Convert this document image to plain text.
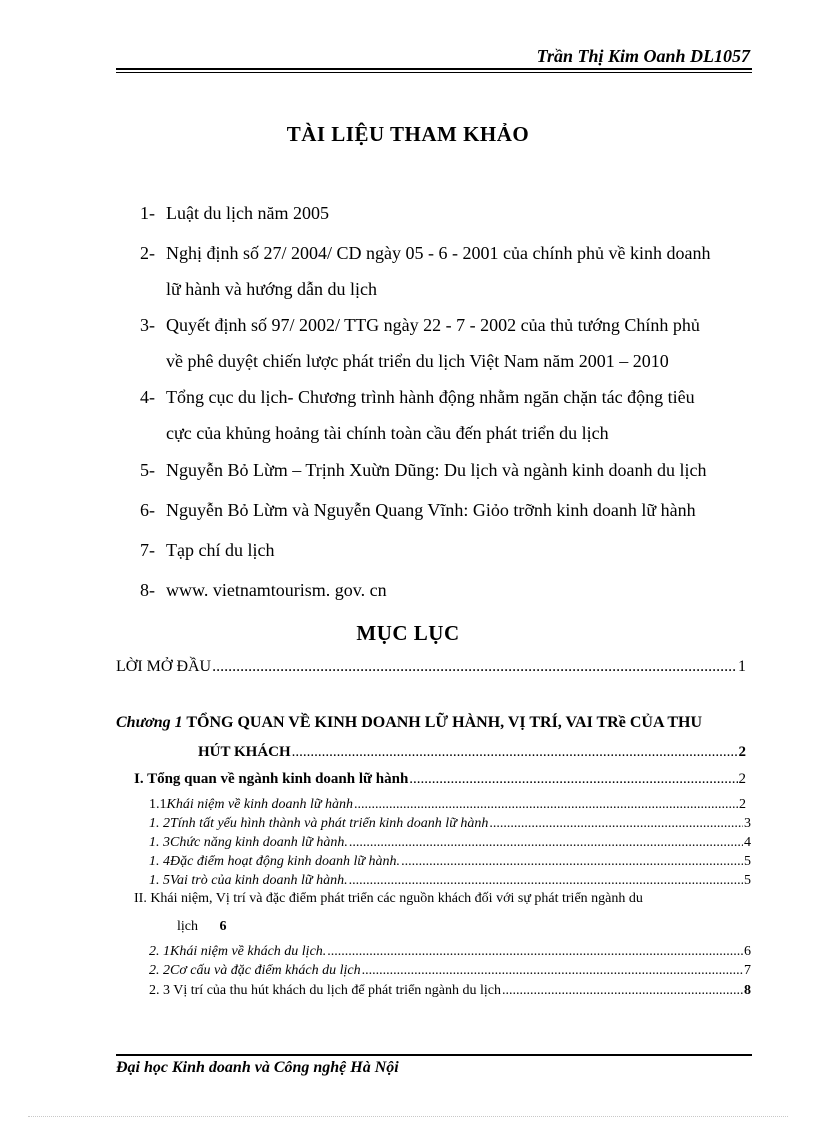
Trần Thị Kim Oanh DL1057
TÀI LIỆU THAM KHẢO
1- Luật du lịch năm 2005
2- Nghị định số 27/ 2004/ CD ngày 05 - 6 - 2001 của chính phủ về kinh doanh
lữ hành và hướng dẫn du lịch
3- Quyết định số 97/ 2002/ TTG ngày 22 - 7 - 2002 của thủ tướng Chính phủ
về phê duyệt chiến lược phát triển du lịch Việt Nam năm 2001 – 2010
4- Tổng cục du lịch- Chương trình hành động nhằm ngăn chặn tác động tiêu
cực của khủng hoảng tài chính toàn cầu đến phát triển du lịch
5- Nguyễn Bỏ Lừm – Trịnh Xuừn Dũng: Du lịch và ngành kinh doanh du lịch
6- Nguyễn Bỏ Lừm và Nguyễn Quang Vĩnh: Giỏo trỡnh kinh doanh lữ hành
7- Tạp chí du lịch
8- www. vietnamtourism. gov. cn
MỤC LỤC
LỜI MỞ ĐẦU .....	1
Chương 1 TỔNG QUAN VỀ KINH DOANH LỮ HÀNH, VỊ TRÍ, VAI TRề CỦA THU
HÚT KHÁCH .....	2
I. Tổng quan về ngành kinh doanh lữ hành .....	2
1.1 Khái niệm về kinh doanh lữ hành .....	2
1. 2 Tính tất yếu hình thành và phát triển kinh doanh lữ hành .....	3
1. 3 Chức năng kinh doanh lữ hành. .....	4
1. 4 Đặc điểm hoạt động kinh doanh lữ hành. .....	5
1. 5 Vai trò của kinh doanh lữ hành. .....	5
II. Khái niệm, Vị trí và đặc điểm phát triển các nguồn khách đối với sự phát triển ngành du
lịch 6
2. 1 Khái niệm về khách du lịch. .....	6
2. 2 Cơ cấu và đặc điểm khách du lịch .....	7
2. 3 Vị trí của thu hút khách du lịch để phát triển ngành du lịch .....	8
Đại học Kinh doanh và Công nghệ Hà Nội
